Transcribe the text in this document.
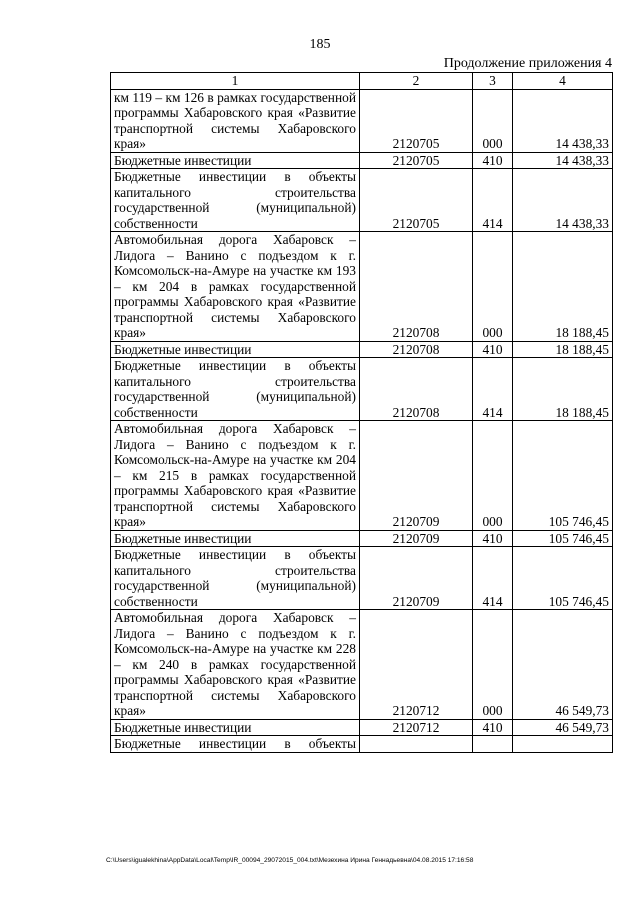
185
Продолжение приложения 4
1	2	3	4
км 119 – км 126 в рамках государственной программы Хабаровского края «Развитие транспортной системы Хабаровского края»	2120705	000	14 438,33
Бюджетные инвестиции	2120705	410	14 438,33
Бюджетные инвестиции в объекты капитального строительства государственной (муниципальной) собственности	2120705	414	14 438,33
Автомобильная дорога Хабаровск – Лидога – Ванино с подъездом к г. Комсомольск-на-Амуре на участке км 193 – км 204 в рамках государственной программы Хабаровского края «Развитие транспортной системы Хабаровского края»	2120708	000	18 188,45
Бюджетные инвестиции	2120708	410	18 188,45
Бюджетные инвестиции в объекты капитального строительства государственной (муниципальной) собственности	2120708	414	18 188,45
Автомобильная дорога Хабаровск – Лидога – Ванино с подъездом к г. Комсомольск-на-Амуре на участке км 204 – км 215 в рамках государственной программы Хабаровского края «Развитие транспортной системы Хабаровского края»	2120709	000	105 746,45
Бюджетные инвестиции	2120709	410	105 746,45
Бюджетные инвестиции в объекты капитального строительства государственной (муниципальной) собственности	2120709	414	105 746,45
Автомобильная дорога Хабаровск – Лидога – Ванино с подъездом к г. Комсомольск-на-Амуре на участке км 228 – км 240 в рамках государственной программы Хабаровского края «Развитие транспортной системы Хабаровского края»	2120712	000	46 549,73
Бюджетные инвестиции	2120712	410	46 549,73
Бюджетные инвестиции в объекты			
C:\Users\igualekhina\AppData\Local\Temp\IR_00094_29072015_004.txt\Мезехина Ирина Геннадьевна\04.08.2015 17:16:58
